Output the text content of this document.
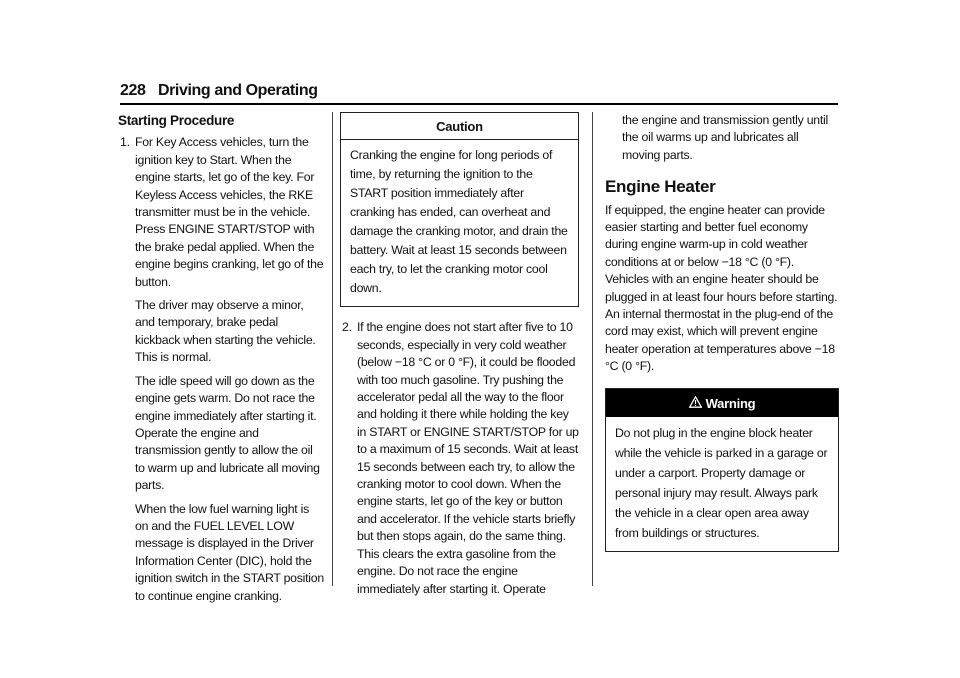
228 Driving and Operating
Starting Procedure
1. For Key Access vehicles, turn the ignition key to Start. When the engine starts, let go of the key. For Keyless Access vehicles, the RKE transmitter must be in the vehicle. Press ENGINE START/STOP with the brake pedal applied. When the engine begins cranking, let go of the button.

The driver may observe a minor, and temporary, brake pedal kickback when starting the vehicle. This is normal.

The idle speed will go down as the engine gets warm. Do not race the engine immediately after starting it. Operate the engine and transmission gently to allow the oil to warm up and lubricate all moving parts.

When the low fuel warning light is on and the FUEL LEVEL LOW message is displayed in the Driver Information Center (DIC), hold the ignition switch in the START position to continue engine cranking.

Caution
Cranking the engine for long periods of time, by returning the ignition to the START position immediately after cranking has ended, can overheat and damage the cranking motor, and drain the battery. Wait at least 15 seconds between each try, to let the cranking motor cool down.
2. If the engine does not start after five to 10 seconds, especially in very cold weather (below −18 °C or 0 °F), it could be flooded with too much gasoline. Try pushing the accelerator pedal all the way to the floor and holding it there while holding the key in START or ENGINE START/STOP for up to a maximum of 15 seconds. Wait at least 15 seconds between each try, to allow the cranking motor to cool down. When the engine starts, let go of the key or button and accelerator. If the vehicle starts briefly but then stops again, do the same thing. This clears the extra gasoline from the engine. Do not race the engine immediately after starting it. Operate

the engine and transmission gently until the oil warms up and lubricates all moving parts.

Engine Heater

If equipped, the engine heater can provide easier starting and better fuel economy during engine warm-up in cold weather conditions at or below −18 °C (0 °F). Vehicles with an engine heater should be plugged in at least four hours before starting. An internal thermostat in the plug-end of the cord may exist, which will prevent engine heater operation at temperatures above −18 °C (0 °F).

Warning
Do not plug in the engine block heater while the vehicle is parked in a garage or under a carport. Property damage or personal injury may result. Always park the vehicle in a clear open area away from buildings or structures.
